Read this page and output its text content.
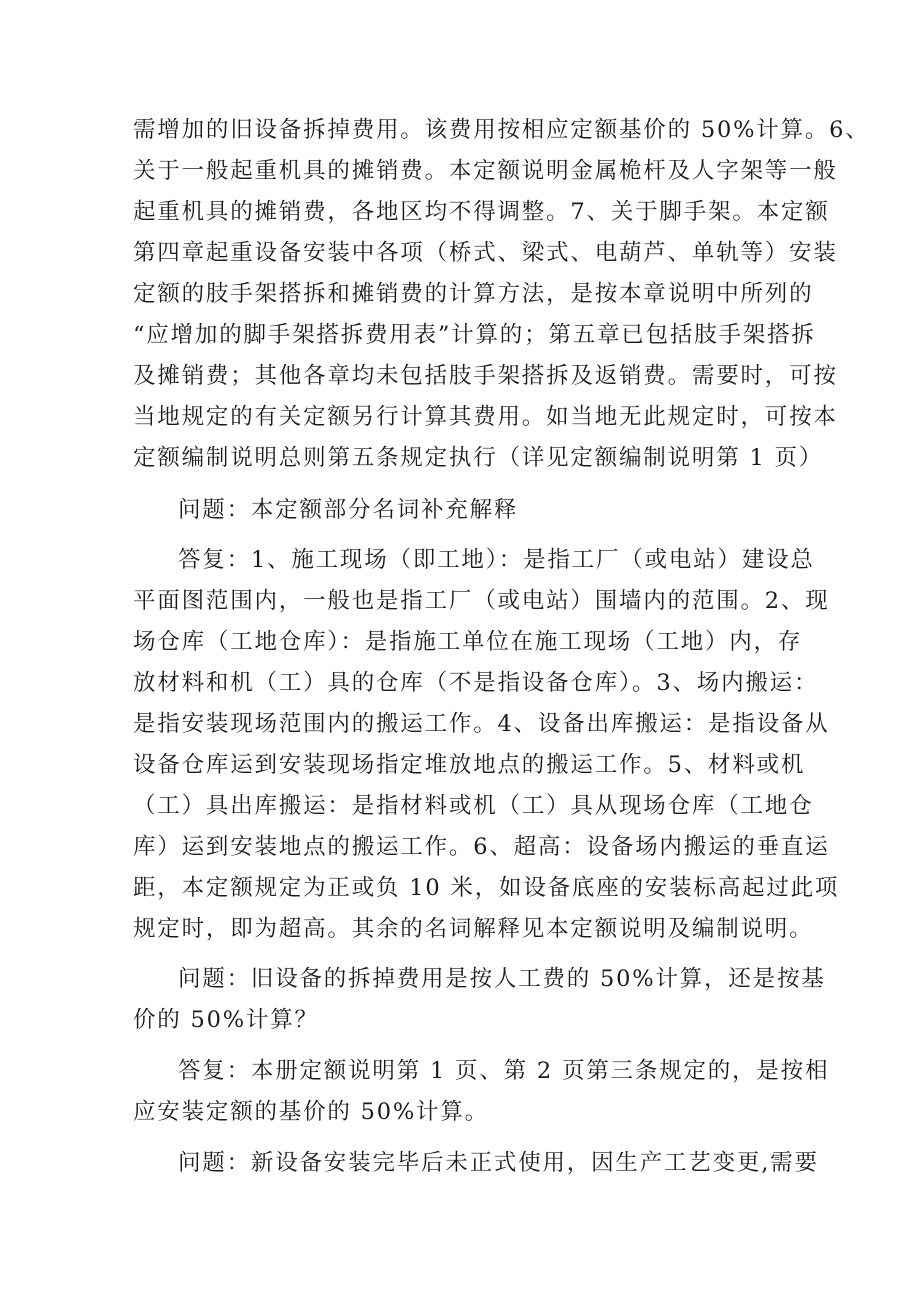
需增加的旧设备拆掉费用。该费用按相应定额基价的 50%计算。6、
关于一般起重机具的摊销费。本定额说明金属桅杆及人字架等一般
起重机具的摊销费，各地区均不得调整。7、关于脚手架。本定额
第四章起重设备安装中各项（桥式、梁式、电葫芦、单轨等）安装
定额的肢手架搭拆和摊销费的计算方法，是按本章说明中所列的
“应增加的脚手架搭拆费用表”计算的；第五章已包括肢手架搭拆
及摊销费；其他各章均未包括肢手架搭拆及返销费。需要时，可按
当地规定的有关定额另行计算其费用。如当地无此规定时，可按本
定额编制说明总则第五条规定执行（详见定额编制说明第 1 页）
问题：本定额部分名词补充解释
答复：1、施工现场（即工地）：是指工厂（或电站）建设总
平面图范围内，一般也是指工厂（或电站）围墙内的范围。2、现
场仓库（工地仓库）：是指施工单位在施工现场（工地）内，存
放材料和机（工）具的仓库（不是指设备仓库）。3、场内搬运：
是指安装现场范围内的搬运工作。4、设备出库搬运：是指设备从
设备仓库运到安装现场指定堆放地点的搬运工作。5、材料或机
（工）具出库搬运：是指材料或机（工）具从现场仓库（工地仓
库）运到安装地点的搬运工作。6、超高：设备场内搬运的垂直运
距，本定额规定为正或负 10 米，如设备底座的安装标高起过此项
规定时，即为超高。其余的名词解释见本定额说明及编制说明。
问题：旧设备的拆掉费用是按人工费的 50%计算，还是按基
价的 50%计算？
答复：本册定额说明第 1 页、第 2 页第三条规定的，是按相
应安装定额的基价的 50%计算。
问题：新设备安装完毕后未正式使用，因生产工艺变更,需要
